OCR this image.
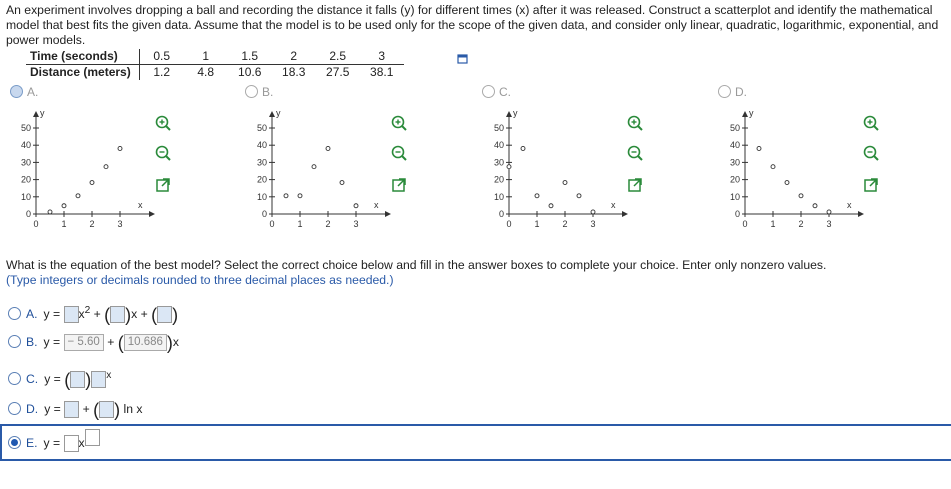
An experiment involves dropping a ball and recording the distance it falls (y) for different times (x) after it was released. Construct a scatterplot and identify the mathematical model that best fits the given data. Assume that the model is to be used only for the scope of the given data, and consider only linear, quadratic, logarithmic, exponential, and power models.
Time (seconds)	0.5	1	1.5	2	2.5	3
Distance (meters)	1.2	4.8	10.6	18.3	27.5	38.1
A.	B.	C.	D.
y
x
50
40
30
20
10
0
0	1	2	3
y
x
50
40
30
20
10
0
0	1	2	3
y
x
50
40
30
20
10
0
0	1	2	3
y
x
50
40
30
20
10
0
0	1	2	3
What is the equation of the best model? Select the correct choice below and fill in the answer boxes to complete your choice. Enter only nonzero values.
(Type integers or decimals rounded to three decimal places as needed.)
A. $y = x^2$ + ( )x + ( )
B. y = − 5.60 + ( 10.686 )x
C. y = ( ) $^x$
D. y = + ( ) ln x
E. y = x
